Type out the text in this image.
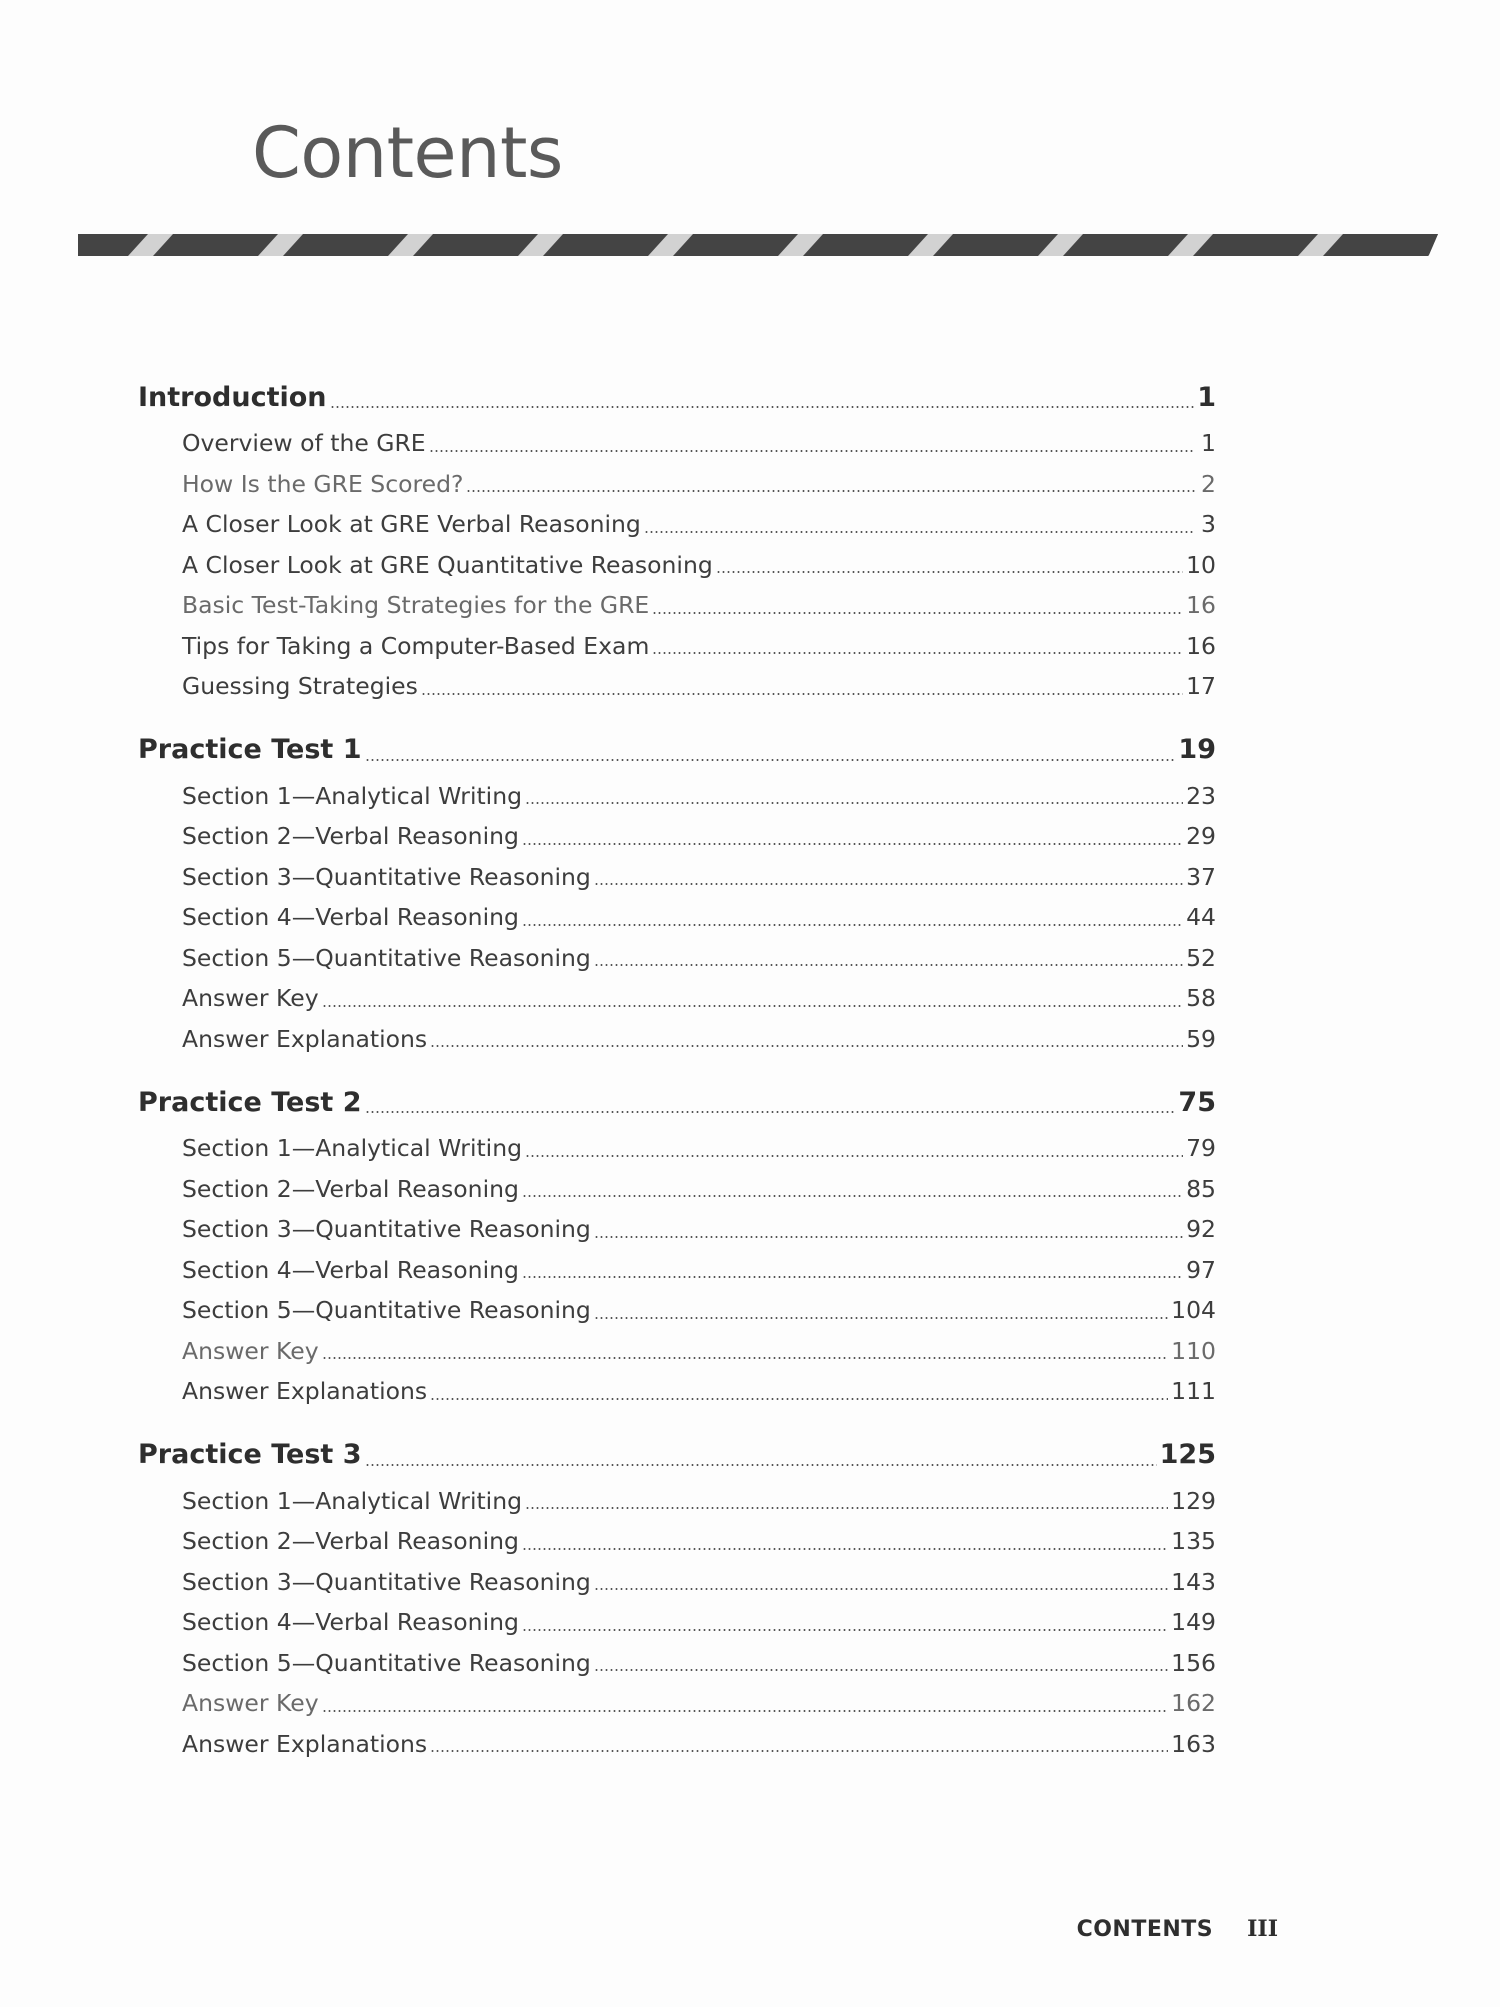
Contents
Introduction	1
Overview of the GRE	1
How Is the GRE Scored?	2
A Closer Look at GRE Verbal Reasoning	3
A Closer Look at GRE Quantitative Reasoning	10
Basic Test-Taking Strategies for the GRE	16
Tips for Taking a Computer-Based Exam	16
Guessing Strategies	17
Practice Test 1	19
Section 1—Analytical Writing	23
Section 2—Verbal Reasoning	29
Section 3—Quantitative Reasoning	37
Section 4—Verbal Reasoning	44
Section 5—Quantitative Reasoning	52
Answer Key	58
Answer Explanations	59
Practice Test 2	75
Section 1—Analytical Writing	79
Section 2—Verbal Reasoning	85
Section 3—Quantitative Reasoning	92
Section 4—Verbal Reasoning	97
Section 5—Quantitative Reasoning	104
Answer Key	110
Answer Explanations	111
Practice Test 3	125
Section 1—Analytical Writing	129
Section 2—Verbal Reasoning	135
Section 3—Quantitative Reasoning	143
Section 4—Verbal Reasoning	149
Section 5—Quantitative Reasoning	156
Answer Key	162
Answer Explanations	163
CONTENTS III
